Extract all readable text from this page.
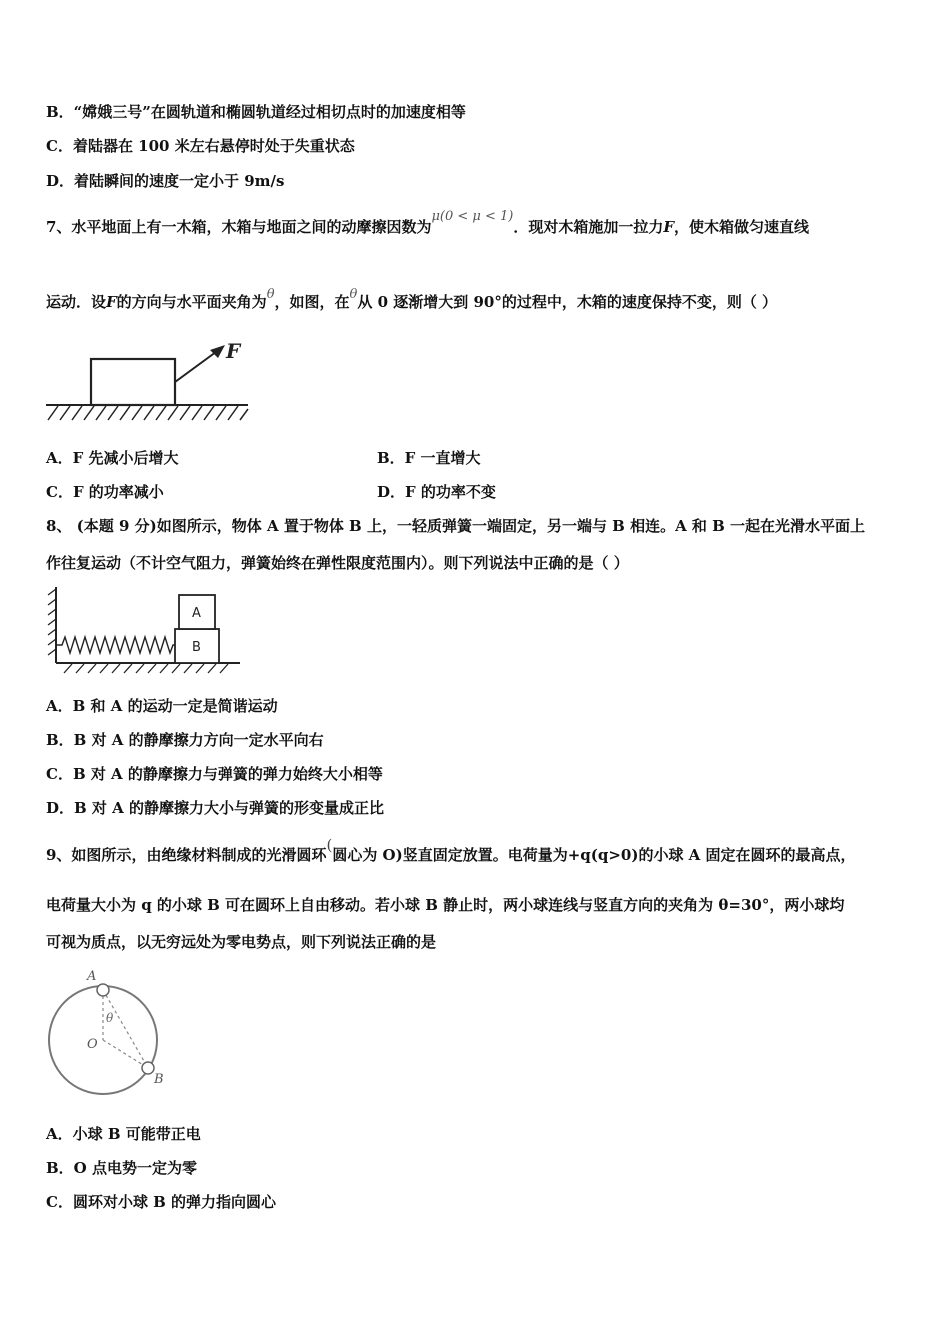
B．“嫦娥三号”在圆轨道和椭圆轨道经过相切点时的加速度相等
C．着陆器在 100 米左右悬停时处于失重状态
D．着陆瞬间的速度一定小于 9m/s
7、水平地面上有一木箱，木箱与地面之间的动摩擦因数为μ(0 < μ < 1)．现对木箱施加一拉力F，使木箱做匀速直线
运动．设F的方向与水平面夹角为θ，如图，在θ从 0 逐渐增大到 90°的过程中，木箱的速度保持不变，则（ ）
F
A．F 先减小后增大	B．F 一直增大
C．F 的功率减小	D．F 的功率不变
8、 (本题 9 分)如图所示，物体 A 置于物体 B 上，一轻质弹簧一端固定，另一端与 B 相连。A 和 B 一起在光滑水平面上
作往复运动（不计空气阻力，弹簧始终在弹性限度范围内）。则下列说法中正确的是（ ）
A
B
A．B 和 A 的运动一定是简谐运动
B．B 对 A 的静摩擦力方向一定水平向右
C．B 对 A 的静摩擦力与弹簧的弹力始终大小相等
D．B 对 A 的静摩擦力大小与弹簧的形变量成正比
9、如图所示，由绝缘材料制成的光滑圆环(圆心为 O)竖直固定放置。电荷量为+q(q>0)的小球 A 固定在圆环的最高点，
电荷量大小为 q 的小球 B 可在圆环上自由移动。若小球 B 静止时，两小球连线与竖直方向的夹角为 θ=30°，两小球均
可视为质点，以无穷远处为零电势点，则下列说法正确的是
A
θ
O
B
A．小球 B 可能带正电
B．O 点电势一定为零
C．圆环对小球 B 的弹力指向圆心
